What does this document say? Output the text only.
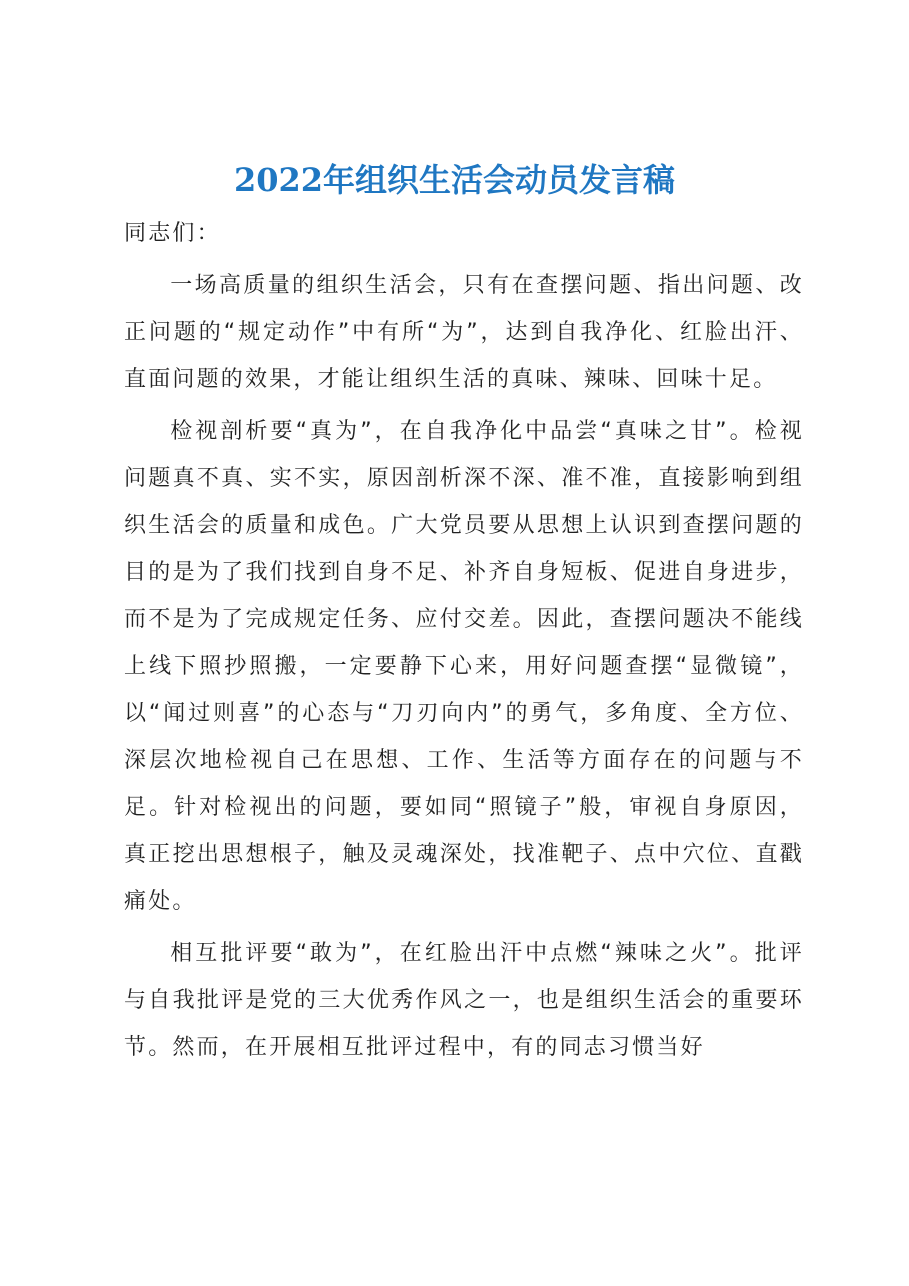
2022年组织生活会动员发言稿

同志们：

一场高质量的组织生活会，只有在查摆问题、指出问题、改正问题的“规定动作”中有所“为”，达到自我净化、红脸出汗、直面问题的效果，才能让组织生活的真味、辣味、回味十足。

检视剖析要“真为”，在自我净化中品尝“真味之甘”。检视问题真不真、实不实，原因剖析深不深、准不准，直接影响到组织生活会的质量和成色。广大党员要从思想上认识到查摆问题的目的是为了我们找到自身不足、补齐自身短板、促进自身进步，而不是为了完成规定任务、应付交差。因此，查摆问题决不能线上线下照抄照搬，一定要静下心来，用好问题查摆“显微镜”，以“闻过则喜”的心态与“刀刃向内”的勇气，多角度、全方位、深层次地检视自己在思想、工作、生活等方面存在的问题与不足。针对检视出的问题，要如同“照镜子”般，审视自身原因，真正挖出思想根子，触及灵魂深处，找准靶子、点中穴位、直戳痛处。

相互批评要“敢为”，在红脸出汗中点燃“辣味之火”。批评与自我批评是党的三大优秀作风之一，也是组织生活会的重要环节。然而，在开展相互批评过程中，有的同志习惯当好
